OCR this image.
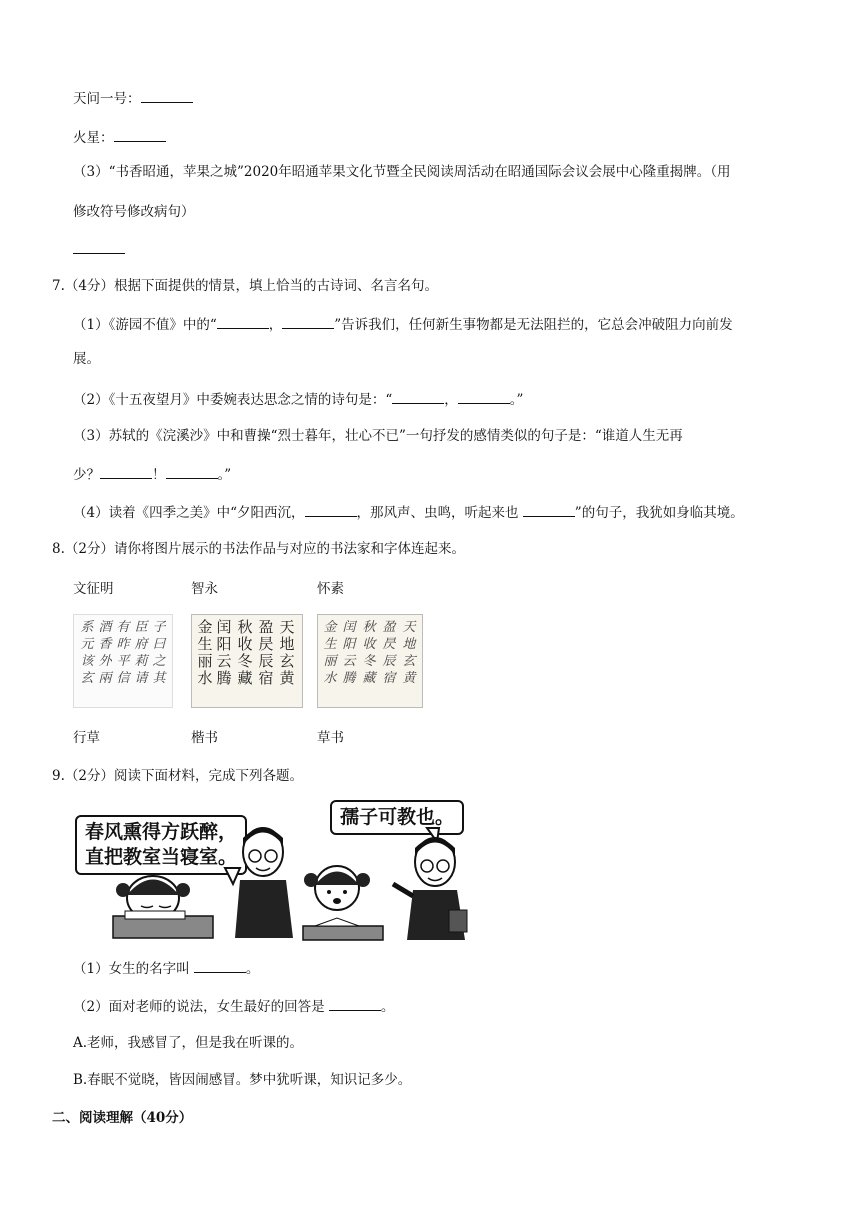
天问一号：
火星：
（3）“书香昭通，苹果之城”2020年昭通苹果文化节暨全民阅读周活动在昭通国际会议会展中心隆重揭牌。（用
修改符号修改病句）
7.（4分）根据下面提供的情景，填上恰当的古诗词、名言名句。
（1）《游园不值》中的“	，	”告诉我们，任何新生事物都是无法阻拦的，它总会冲破阻力向前发
展。
（2）《十五夜望月》中委婉表达思念之情的诗句是：“	，	。”
（3）苏轼的《浣溪沙》中和曹操“烈士暮年，壮心不已”一句抒发的感情类似的句子是：“谁道人生无再
少？	！	。”
（4）读着《四季之美》中“夕阳西沉，	，那风声、虫鸣，听起来也	”的句子，我犹如身临其境。
8.（2分）请你将图片展示的书法作品与对应的书法家和字体连起来。
文征明	智永	怀素
子曰之其
臣府莉请
有昨平信
酒香外兩
系元该玄
天地玄黄
盈昃辰宿
秋收冬藏
闰阳云腾
金生丽水
天地玄黄
盈昃辰宿
秋收冬藏
闰阳云腾
金生丽水
行草	楷书	草书
9.（2分）阅读下面材料，完成下列各题。
春风熏得方跃醉，
直把教室当寝室。
孺子可教也。
（1）女生的名字叫	。
（2）面对老师的说法，女生最好的回答是	。
A.老师，我感冒了，但是我在听课的。
B.春眠不觉晓，皆因闹感冒。梦中犹听课，知识记多少。
二、阅读理解（40分）
